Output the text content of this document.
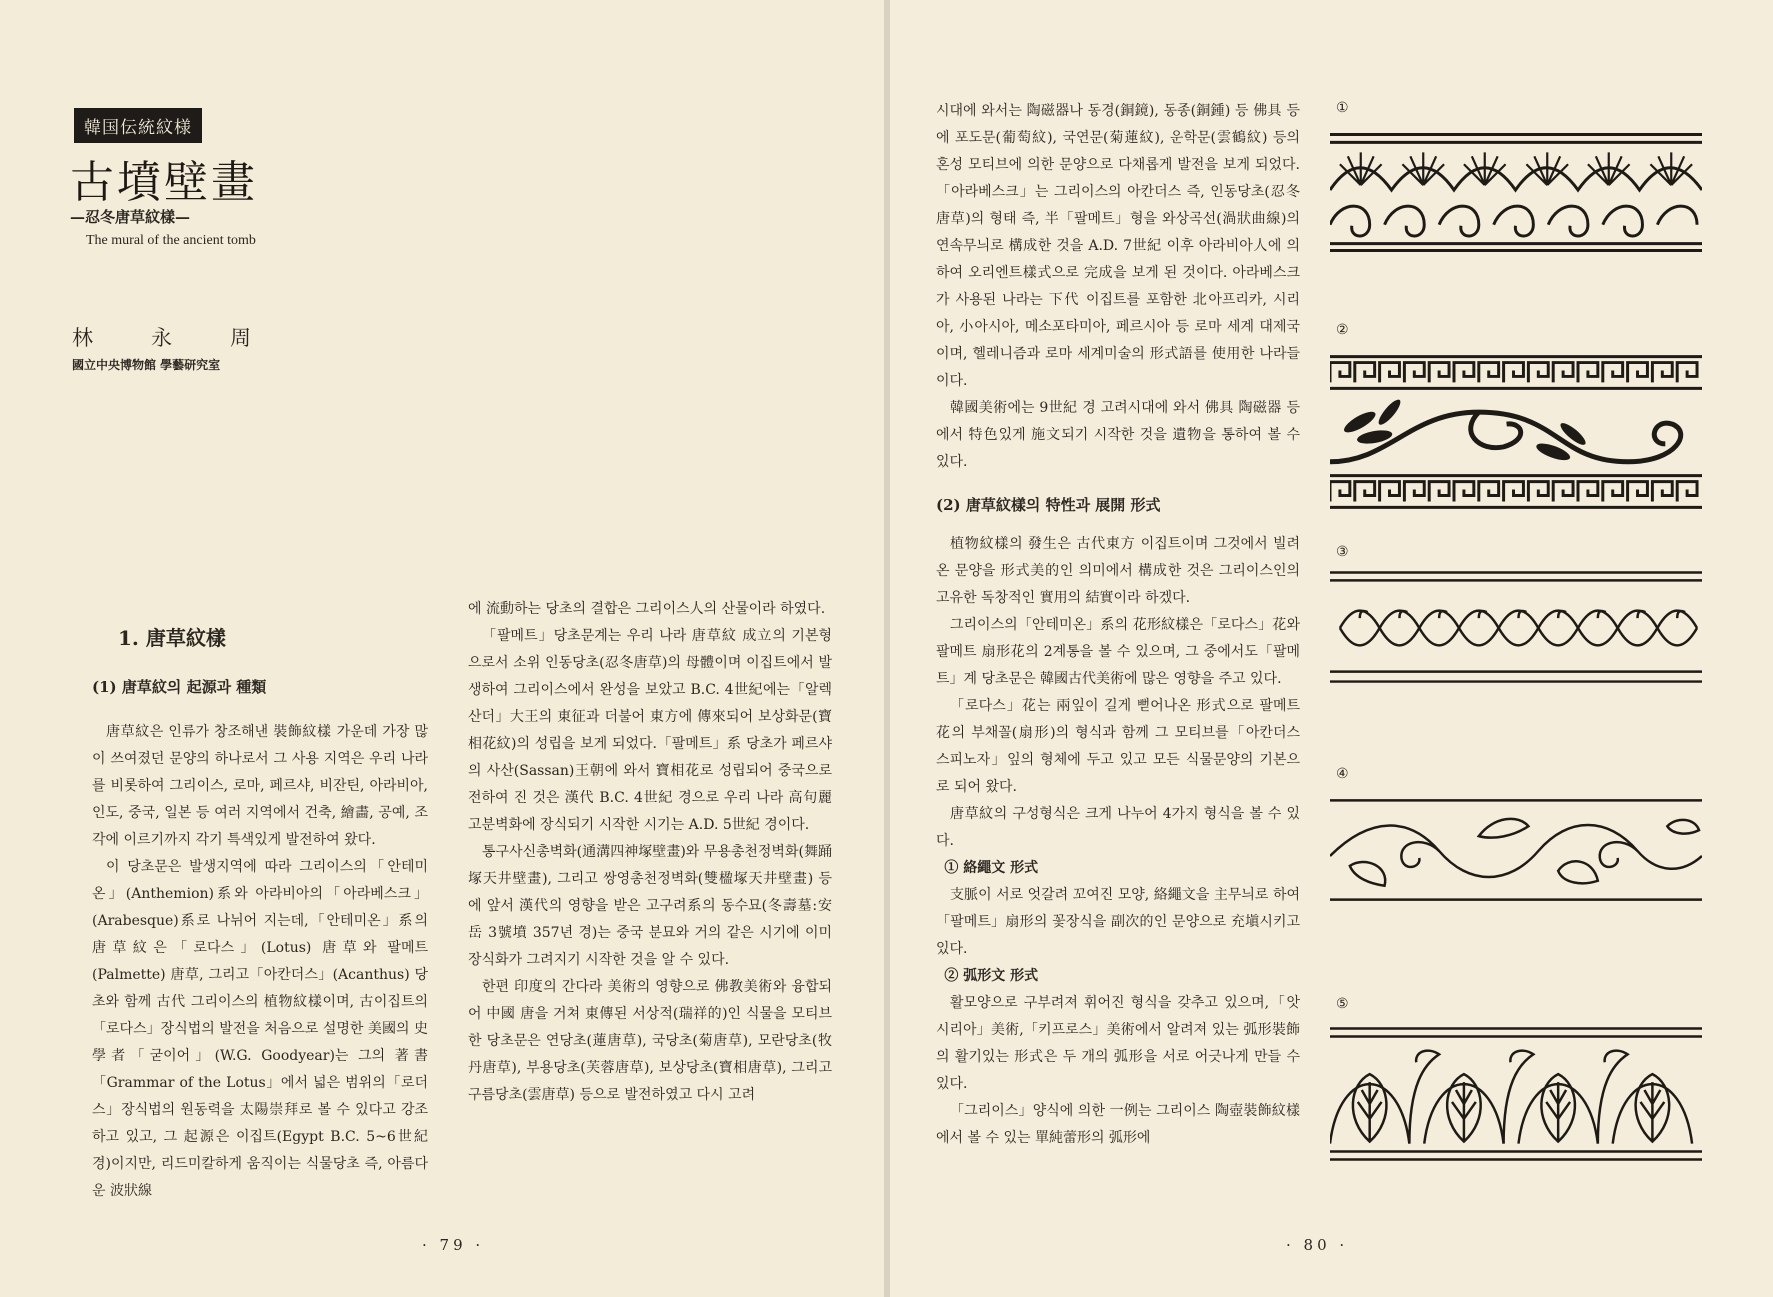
韓国伝統紋様
古墳壁畫
—忍冬唐草紋樣—
The mural of the ancient tomb
林永周
國立中央博物館 學藝研究室
1. 唐草紋樣
(1) 唐草紋의 起源과 種類

唐草紋은 인류가 창조해낸 裝飾紋樣 가운데 가장 많이 쓰여졌던 문양의 하나로서 그 사용 지역은 우리 나라를 비롯하여 그리이스, 로마, 페르샤, 비잔틴, 아라비아, 인도, 중국, 일본 등 여러 지역에서 건축, 繪畵, 공예, 조각에 이르기까지 각기 특색있게 발전하여 왔다.

이 당초문은 발생지역에 따라 그리이스의「안테미온」(Anthemion)系와 아라비아의「아라베스크」(Arabesque)系로 나뉘어 지는데,「안테미온」系의 唐草紋은「로다스」(Lotus) 唐草와 팔메트(Palmette) 唐草, 그리고「아칸더스」(Acanthus) 당초와 함께 古代 그리이스의 植物紋樣이며, 古이집트의「로다스」장식법의 발전을 처음으로 설명한 美國의 史學者「굳이어」(W.G. Goodyear)는 그의 著書「Grammar of the Lotus」에서 넓은 범위의「로더스」장식법의 원동력을 太陽崇拜로 볼 수 있다고 강조하고 있고, 그 起源은 이집트(Egypt B.C. 5~6世紀 경)이지만, 리드미칼하게 움직이는 식물당초 즉, 아름다운 波狀線

에 流動하는 당초의 결합은 그리이스人의 산물이라 하였다.

「팔메트」당초문계는 우리 나라 唐草紋 成立의 기본형으로서 소위 인동당초(忍冬唐草)의 母體이며 이집트에서 발생하여 그리이스에서 완성을 보았고 B.C. 4世紀에는「알렉산더」大王의 東征과 더불어 東方에 傳來되어 보상화문(寶相花紋)의 성립을 보게 되었다.「팔메트」系 당초가 페르샤의 사산(Sassan)王朝에 와서 寶相花로 성립되어 중국으로 전하여 진 것은 漢代 B.C. 4世紀 경으로 우리 나라 高句麗 고분벽화에 장식되기 시작한 시기는 A.D. 5世紀 경이다.

통구사신총벽화(通溝四神塚壁畫)와 무용총천정벽화(舞踊塚天井壁畫), 그리고 쌍영총천정벽화(雙楹塚天井壁畫) 등에 앞서 漢代의 영향을 받은 고구려系의 동수묘(冬壽墓:安岳 3號墳 357년 경)는 중국 분묘와 거의 같은 시기에 이미 장식화가 그려지기 시작한 것을 알 수 있다.

한편 印度의 간다라 美術의 영향으로 佛教美術와 융합되어 中國 唐을 거쳐 東傳된 서상적(瑞祥的)인 식물을 모티브 한 당초문은 연당초(蓮唐草), 국당초(菊唐草), 모란당초(牧丹唐草), 부용당초(芙蓉唐草), 보상당초(寶相唐草), 그리고 구름당초(雲唐草) 등으로 발전하였고 다시 고려

· 79 ·

시대에 와서는 陶磁器나 동경(銅鏡), 동종(銅鍾) 등 佛具 등에 포도문(葡萄紋), 국연문(菊蓮紋), 운학문(雲鶴紋) 등의 혼성 모티브에 의한 문양으로 다채롭게 발전을 보게 되었다.「아라베스크」는 그리이스의 아칸더스 즉, 인동당초(忍冬唐草)의 형태 즉, 半「팔메트」형을 와상곡선(渦狀曲線)의 연속무늬로 構成한 것을 A.D. 7世紀 이후 아라비아人에 의하여 오리엔트樣式으로 完成을 보게 된 것이다. 아라베스크가 사용된 나라는 下代 이집트를 포함한 北아프리카, 시리아, 小아시아, 메소포타미아, 페르시아 등 로마 세계 대제국이며, 헬레니즘과 로마 세계미술의 形式語를 使用한 나라들이다.

韓國美術에는 9世紀 경 고려시대에 와서 佛具 陶磁器 등에서 特色있게 施文되기 시작한 것을 遺物을 통하여 볼 수 있다.

(2) 唐草紋樣의 特性과 展開 形式

植物紋樣의 發生은 古代東方 이집트이며 그것에서 빌려온 문양을 形式美的인 의미에서 構成한 것은 그리이스인의 고유한 독창적인 實用의 結實이라 하겠다.

그리이스의「안테미온」系의 花形紋樣은「로다스」花와 팔메트 扇形花의 2계통을 볼 수 있으며, 그 중에서도「팔메트」계 당초문은 韓國古代美術에 많은 영향을 주고 있다.

「로다스」花는 兩잎이 길게 뻗어나온 形式으로 팔메트花의 부채꼴(扇形)의 형식과 함께 그 모티브를「아칸더스 스피노자」잎의 형체에 두고 있고 모든 식물문양의 기본으로 되어 왔다.

唐草紋의 구성형식은 크게 나누어 4가지 형식을 볼 수 있다.

① 絡繩文 形式

支脈이 서로 엇갈려 꼬여진 모양, 絡繩文을 主무늬로 하여「팔메트」扇形의 꽃장식을 副次的인 문양으로 充塡시키고 있다.

② 弧形文 形式

활모양으로 구부려져 휘어진 형식을 갖추고 있으며,「앗시리아」美術,「키프로스」美術에서 알려져 있는 弧形裝飾의 활기있는 形式은 두 개의 弧形을 서로 어긋나게 만들 수 있다.

「그리이스」양식에 의한 一例는 그리이스 陶壺裝飾紋樣에서 볼 수 있는 單純蕾形의 弧形에

①
②
③
④
⑤
· 80 ·
